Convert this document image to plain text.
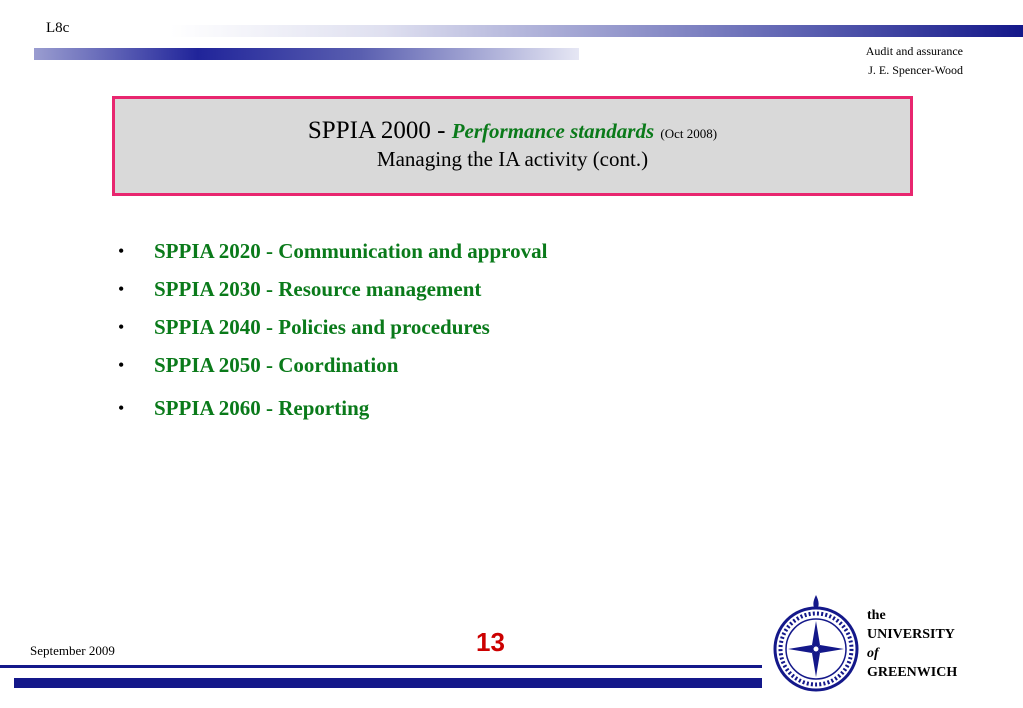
L8c
Audit and assurance
J. E. Spencer-Wood
SPPIA 2000 - Performance standards (Oct 2008)
Managing the IA activity (cont.)
•	SPPIA 2020 - Communication and approval
•	SPPIA 2030 - Resource management
•	SPPIA 2040 - Policies and procedures
•	SPPIA 2050 - Coordination
•	SPPIA 2060 - Reporting
September 2009	13
the
UNIVERSITY
of
GREENWICH
